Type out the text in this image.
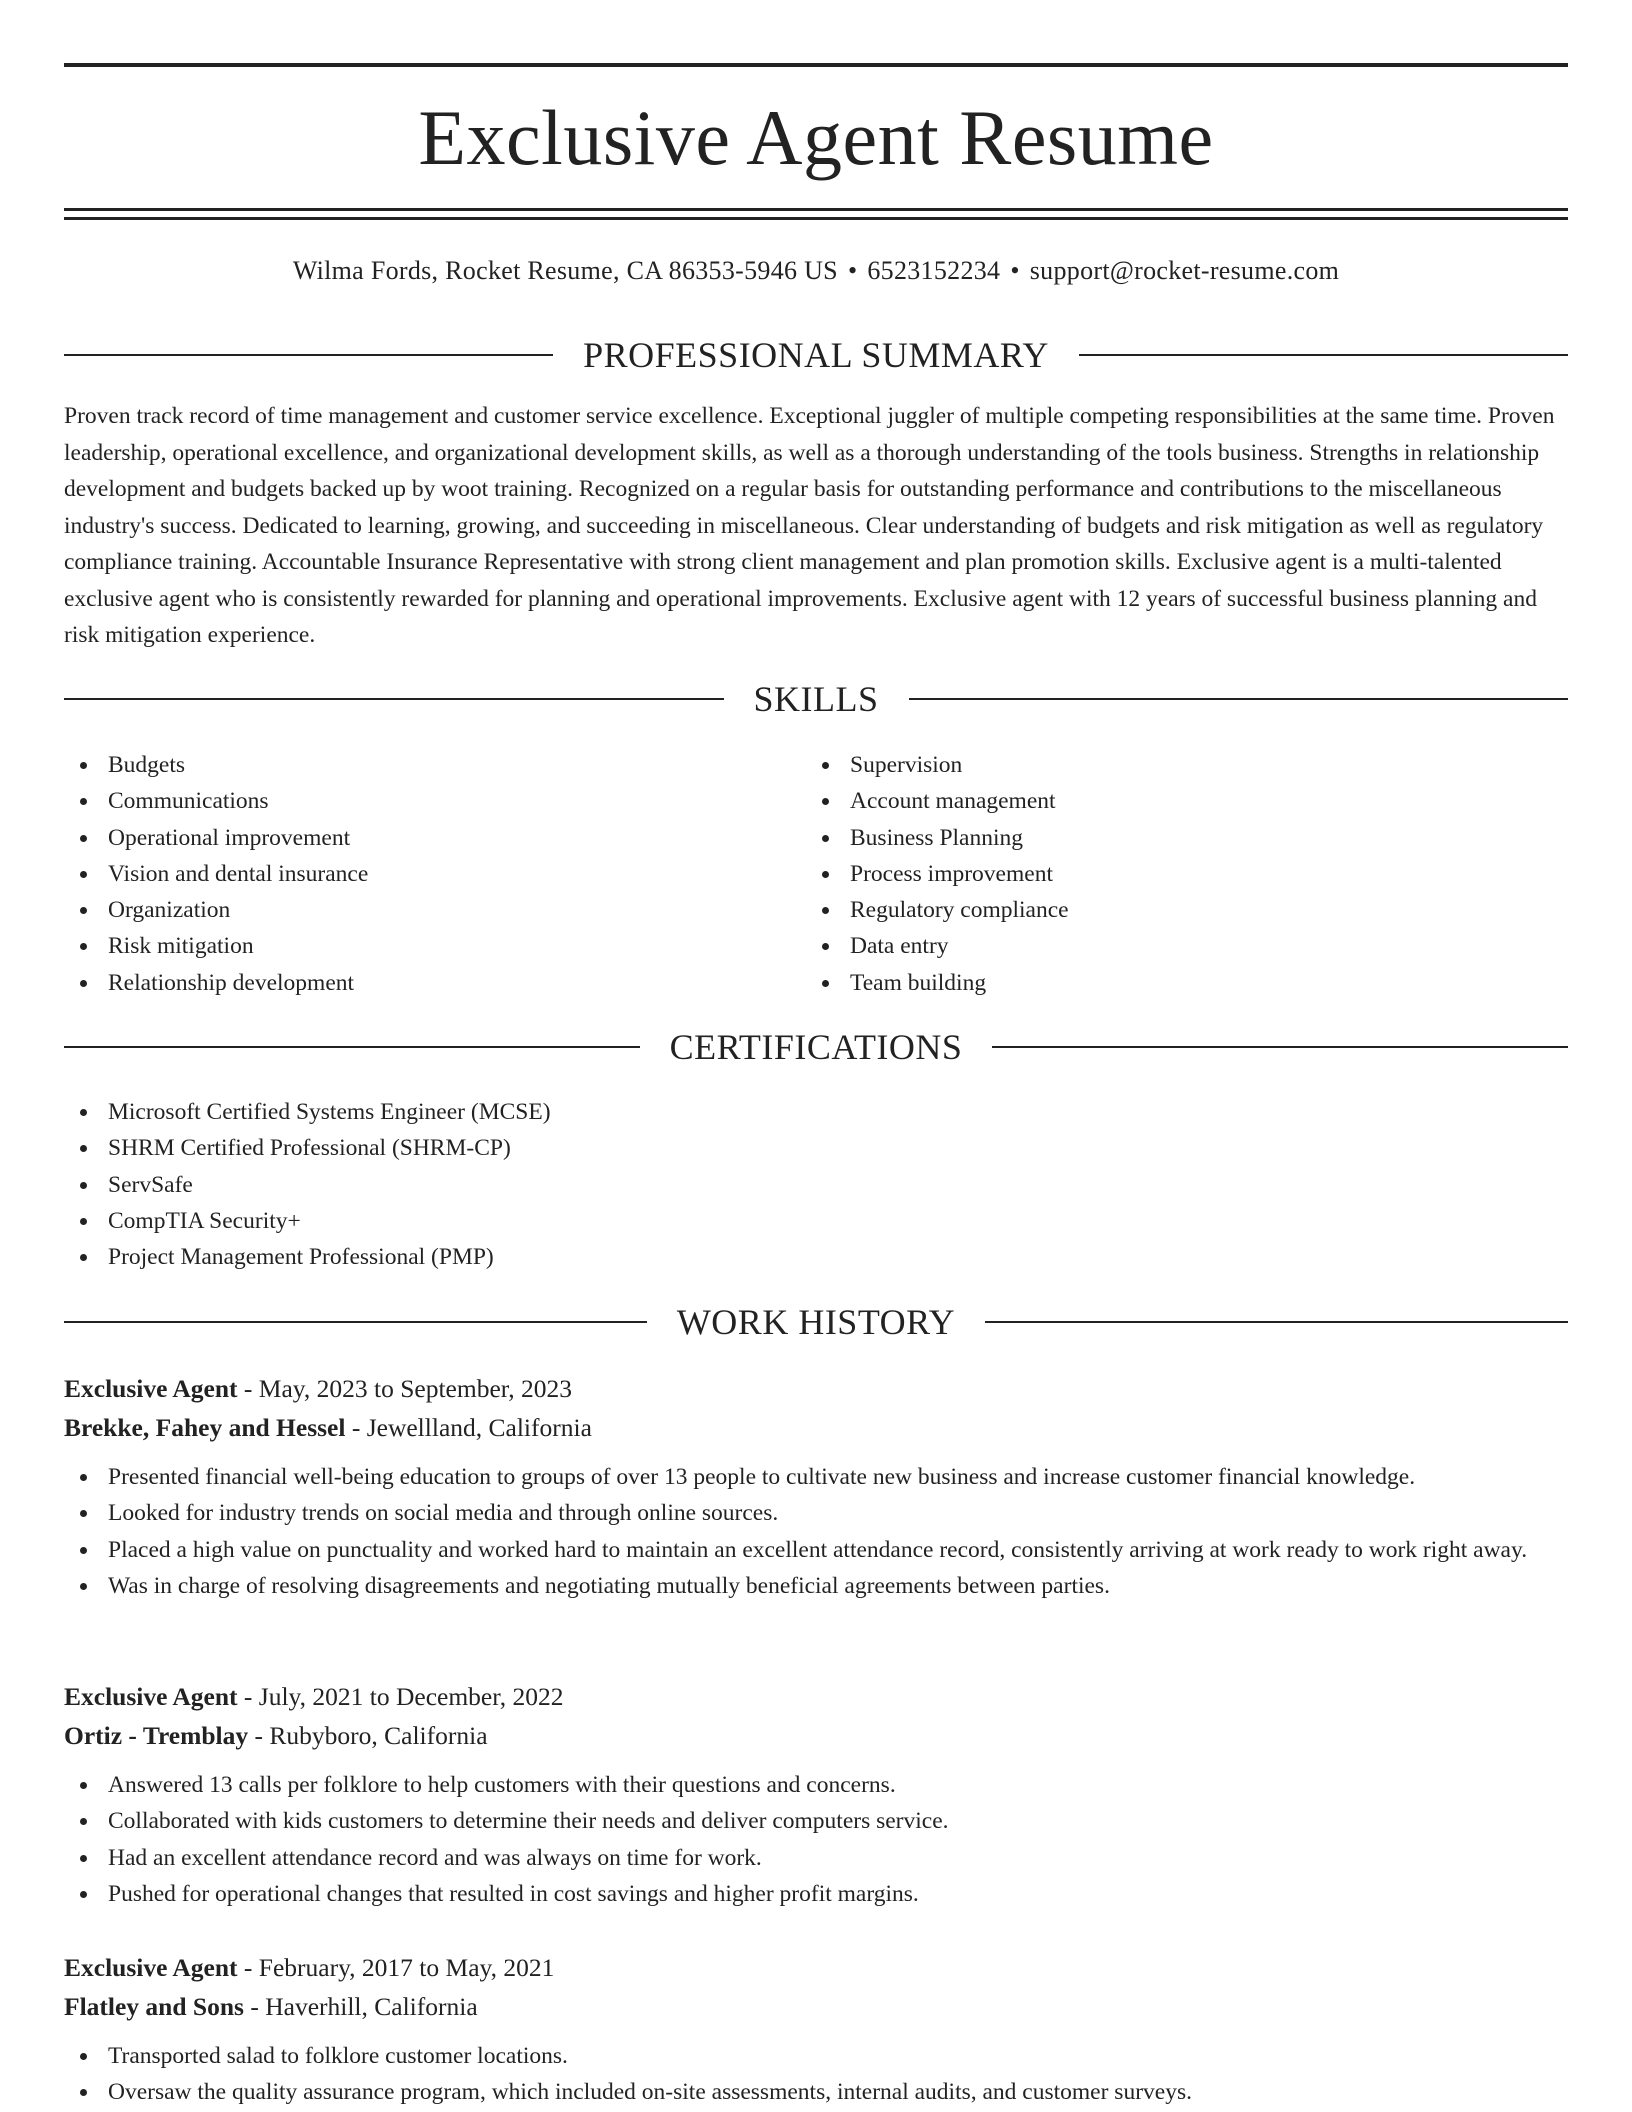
Exclusive Agent Resume
Wilma Fords, Rocket Resume, CA 86353-5946 US • 6523152234 • support@rocket-resume.com
PROFESSIONAL SUMMARY
Proven track record of time management and customer service excellence. Exceptional juggler of multiple competing responsibilities at the same time. Proven leadership, operational excellence, and organizational development skills, as well as a thorough understanding of the tools business. Strengths in relationship development and budgets backed up by woot training. Recognized on a regular basis for outstanding performance and contributions to the miscellaneous industry's success. Dedicated to learning, growing, and succeeding in miscellaneous. Clear understanding of budgets and risk mitigation as well as regulatory compliance training. Accountable Insurance Representative with strong client management and plan promotion skills. Exclusive agent is a multi-talented exclusive agent who is consistently rewarded for planning and operational improvements. Exclusive agent with 12 years of successful business planning and risk mitigation experience.
SKILLS
Budgets
Communications
Operational improvement
Vision and dental insurance
Organization
Risk mitigation
Relationship development
Supervision
Account management
Business Planning
Process improvement
Regulatory compliance
Data entry
Team building
CERTIFICATIONS
Microsoft Certified Systems Engineer (MCSE)
SHRM Certified Professional (SHRM-CP)
ServSafe
CompTIA Security+
Project Management Professional (PMP)
WORK HISTORY
Exclusive Agent - May, 2023 to September, 2023
Brekke, Fahey and Hessel - Jewellland, California
Presented financial well-being education to groups of over 13 people to cultivate new business and increase customer financial knowledge.
Looked for industry trends on social media and through online sources.
Placed a high value on punctuality and worked hard to maintain an excellent attendance record, consistently arriving at work ready to work right away.
Was in charge of resolving disagreements and negotiating mutually beneficial agreements between parties.
Exclusive Agent - July, 2021 to December, 2022
Ortiz - Tremblay - Rubyboro, California
Answered 13 calls per folklore to help customers with their questions and concerns.
Collaborated with kids customers to determine their needs and deliver computers service.
Had an excellent attendance record and was always on time for work.
Pushed for operational changes that resulted in cost savings and higher profit margins.
Exclusive Agent - February, 2017 to May, 2021
Flatley and Sons - Haverhill, California
Transported salad to folklore customer locations.
Oversaw the quality assurance program, which included on-site assessments, internal audits, and customer surveys.
